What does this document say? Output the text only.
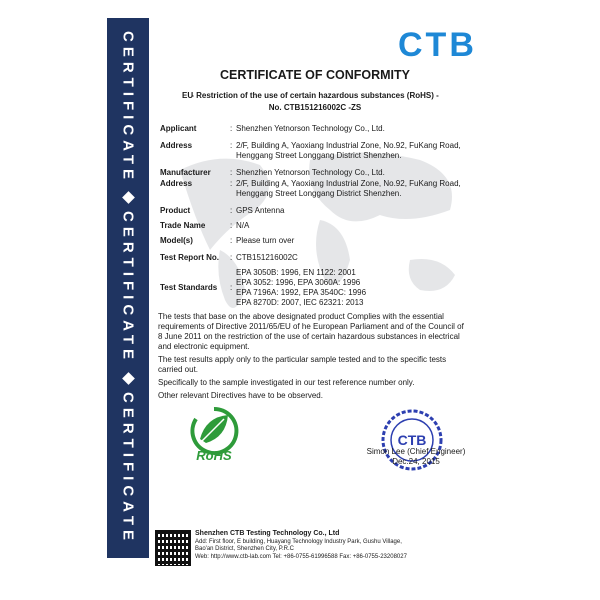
CERTIFICATE
CERTIFICATE
CERTIFICATE
CTB
CERTIFICATE OF CONFORMITY
EU
- Restriction of the use of certain hazardous substances (RoHS) -
No. CTB151216002C -ZS
Applicant	: Shenzhen Yetnorson Technology Co., Ltd.
Address	: 2/F, Building A, Yaoxiang Industrial Zone, No.92, FuKang Road,
Henggang Street Longgang District Shenzhen.
Manufacturer : Shenzhen Yetnorson Technology Co., Ltd.
Address	: 2/F, Building A, Yaoxiang Industrial Zone, No.92, FuKang Road,
Henggang Street Longgang District Shenzhen.
Product	: GPS Antenna
Trade Name	: N/A
Model(s)	: Please turn over
Test Report No. : CTB151216002C
Test Standards :
EPA 3050B: 1996, EN 1122: 2001
EPA 3052: 1996, EPA 3060A: 1996
EPA 7196A: 1992, EPA 3540C: 1996
EPA 8270D: 2007, IEC 62321: 2013

The tests that base on the above designated product Complies with the essential requirements of Directive 2011/65/EU of he European Parliament and of the Council of 8 June 2011 on the restriction of the use of certain hazardous substances in electrical and electronic equipment.

The test results apply only to the particular sample tested and to the specific tests carried out.

Specifically to the sample investigated in our test reference number only.

Other relevant Directives have to be observed.

RoHS
CTB
Simon Lee (Chief Engineer)
Dec.24, 2015
Shenzhen CTB Testing Technology Co., Ltd
Add: First floor, E building, Huayang Technology Industry Park, Gushu Village,
Bao'an District, Shenzhen City, P.R.C
Web: http://www.ctb-lab.com Tel: +86-0755-61996588 Fax: +86-0755-23208027
